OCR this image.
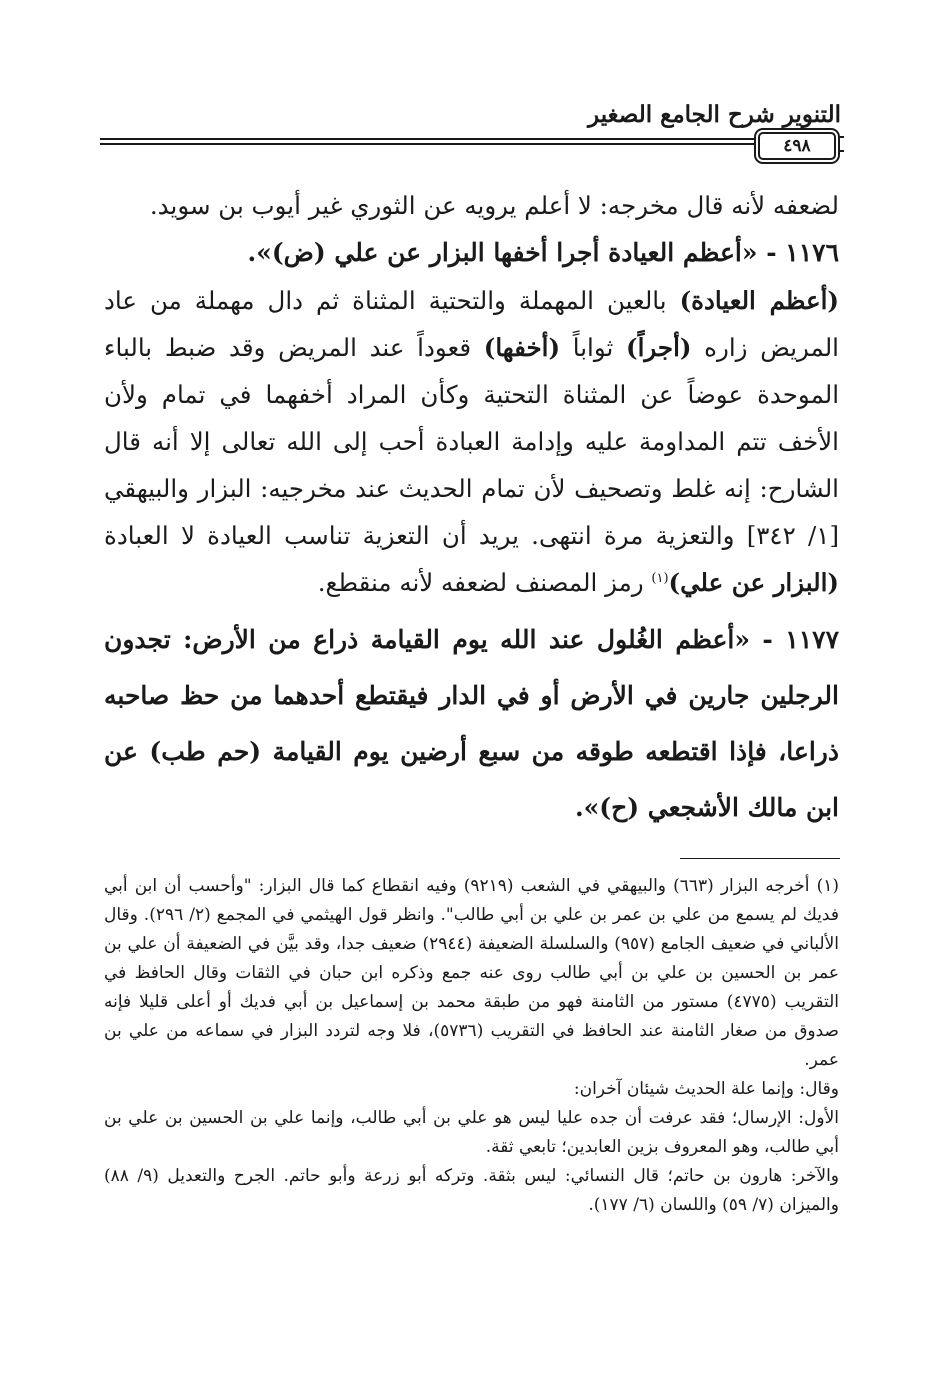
التنوير شرح الجامع الصغير
٤٩٨

لضعفه لأنه قال مخرجه: لا أعلم يرويه عن الثوري غير أيوب بن سويد.

١١٧٦ - «أعظم العيادة أجرا أخفها البزار عن علي (ض)».

(أعظم العيادة) بالعين المهملة والتحتية المثناة ثم دال مهملة من عاد المريض زاره (أجراً) ثواباً (أخفها) قعوداً عند المريض وقد ضبط بالباء الموحدة عوضاً عن المثناة التحتية وكأن المراد أخفهما في تمام ولأن الأخف تتم المداومة عليه وإدامة العبادة أحب إلى الله تعالى إلا أنه قال الشارح: إنه غلط وتصحيف لأن تمام الحديث عند مخرجيه: البزار والبيهقي [١/ ٣٤٢] والتعزية مرة انتهى. يريد أن التعزية تناسب العيادة لا العبادة (البزار عن علي)$^{(١)}$ رمز المصنف لضعفه لأنه منقطع.

١١٧٧ - «أعظم الغُلول عند الله يوم القيامة ذراع من الأرض: تجدون الرجلين جارين في الأرض أو في الدار فيقتطع أحدهما من حظ صاحبه ذراعا، فإذا اقتطعه طوقه من سبع أرضين يوم القيامة (حم طب) عن ابن مالك الأشجعي (ح)».

(١) أخرجه البزار (٦٦٣) والبيهقي في الشعب (٩٢١٩) وفيه انقطاع كما قال البزار: "وأحسب أن ابن أبي فديك لم يسمع من علي بن عمر بن علي بن أبي طالب". وانظر قول الهيثمي في المجمع (٢/ ٢٩٦). وقال الألباني في ضعيف الجامع (٩٥٧) والسلسلة الضعيفة (٢٩٤٤) ضعيف جدا، وقد بيَّن في الضعيفة أن علي بن عمر بن الحسين بن علي بن أبي طالب روى عنه جمع وذكره ابن حبان في الثقات وقال الحافظ في التقريب (٤٧٧٥) مستور من الثامنة فهو من طبقة محمد بن إسماعيل بن أبي فديك أو أعلى قليلا فإنه صدوق من صغار الثامنة عند الحافظ في التقريب (٥٧٣٦)، فلا وجه لتردد البزار في سماعه من علي بن عمر.

وقال: وإنما علة الحديث شيئان آخران:

الأول: الإرسال؛ فقد عرفت أن جده عليا ليس هو علي بن أبي طالب، وإنما علي بن الحسين بن علي بن أبي طالب، وهو المعروف بزين العابدين؛ تابعي ثقة.

والآخر: هارون بن حاتم؛ قال النسائي: ليس بثقة. وتركه أبو زرعة وأبو حاتم. الجرح والتعديل (٩/ ٨٨) والميزان (٧/ ٥٩) واللسان (٦/ ١٧٧).
